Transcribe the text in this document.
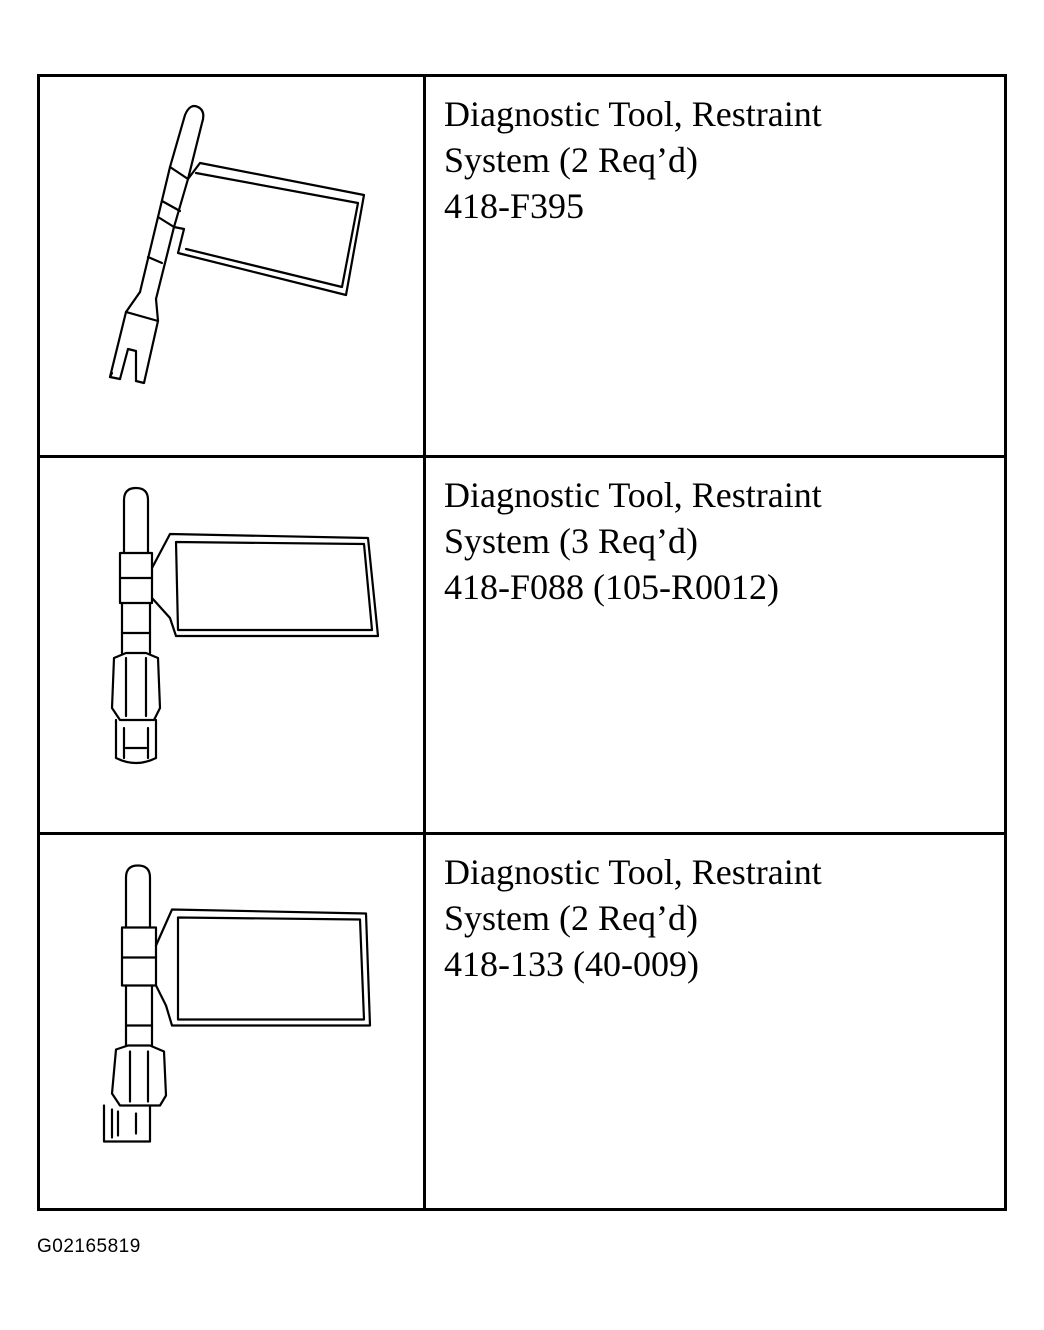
Diagnostic Tool, Restraint
System (2 Req’d)
418-F395
Diagnostic Tool, Restraint
System (3 Req’d)
418-F088 (105-R0012)
Diagnostic Tool, Restraint
System (2 Req’d)
418-133 (40-009)
G02165819
